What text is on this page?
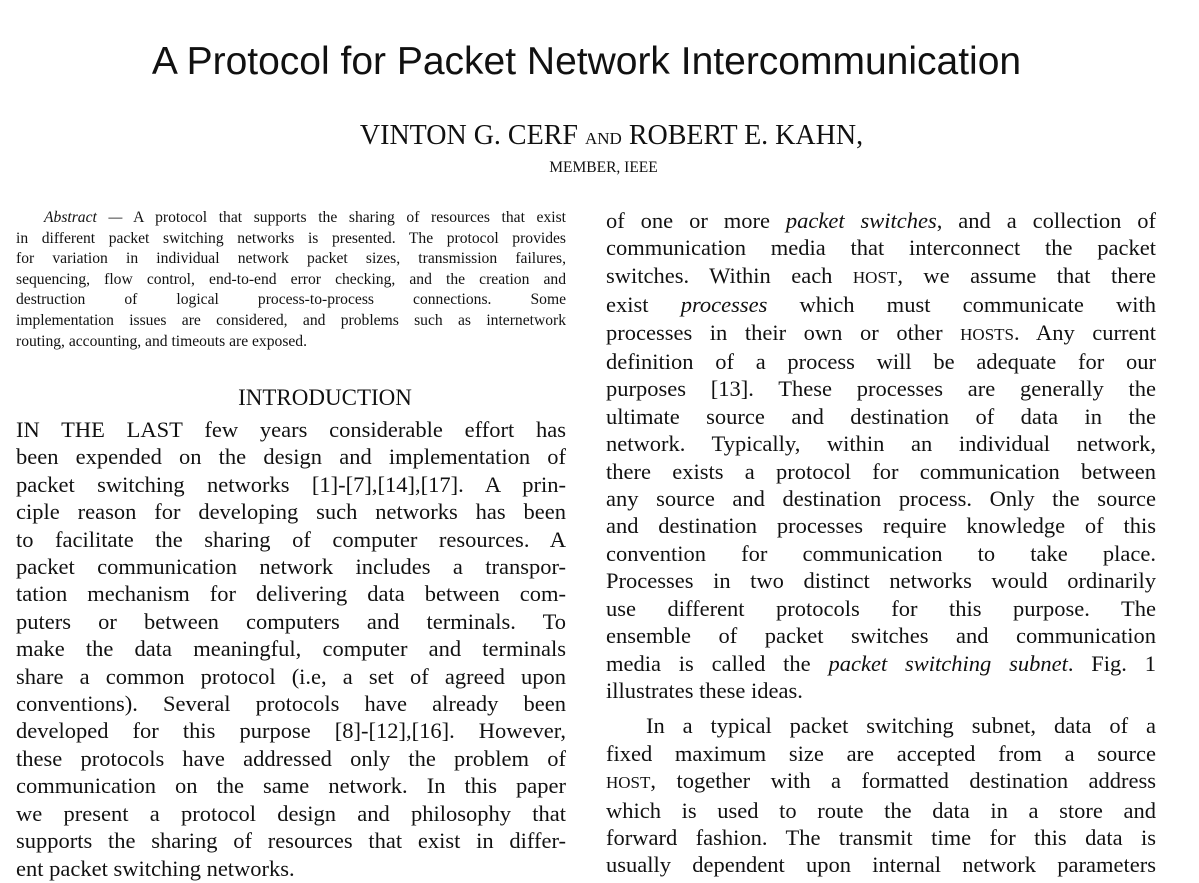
A Protocol for Packet Network Intercommunication
VINTON G. CERF AND ROBERT E. KAHN,
MEMBER, IEEE
Abstract — A protocol that supports the sharing of resources that exist
in different packet switching networks is presented. The protocol provides
for variation in individual network packet sizes, transmission failures,
sequencing, flow control, end-to-end error checking, and the creation and
destruction of logical process-to-process connections. Some
implementation issues are considered, and problems such as internetwork
routing, accounting, and timeouts are exposed.
INTRODUCTION
IN THE LAST few years considerable effort has
been expended on the design and implementation of
packet switching networks [1]-[7],[14],[17]. A prin-
ciple reason for developing such networks has been
to facilitate the sharing of computer resources. A
packet communication network includes a transpor-
tation mechanism for delivering data between com-
puters or between computers and terminals. To
make the data meaningful, computer and terminals
share a common protocol (i.e, a set of agreed upon
conventions). Several protocols have already been
developed for this purpose [8]-[12],[16]. However,
these protocols have addressed only the problem of
communication on the same network. In this paper
we present a protocol design and philosophy that
supports the sharing of resources that exist in differ-
ent packet switching networks.
of one or more packet switches, and a collection of
communication media that interconnect the packet
switches. Within each HOST, we assume that there
exist processes which must communicate with
processes in their own or other HOSTS. Any current
definition of a process will be adequate for our
purposes [13]. These processes are generally the
ultimate source and destination of data in the
network. Typically, within an individual network,
there exists a protocol for communication between
any source and destination process. Only the source
and destination processes require knowledge of this
convention for communication to take place.
Processes in two distinct networks would ordinarily
use different protocols for this purpose. The
ensemble of packet switches and communication
media is called the packet switching subnet. Fig. 1
illustrates these ideas.
In a typical packet switching subnet, data of a
fixed maximum size are accepted from a source
HOST, together with a formatted destination address
which is used to route the data in a store and
forward fashion. The transmit time for this data is
usually dependent upon internal network parameters
